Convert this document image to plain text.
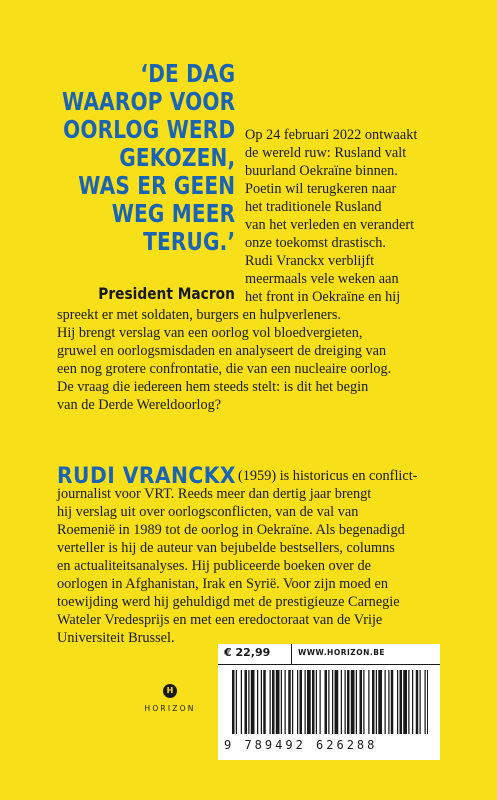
‘DE DAG
WAAROP VOOR
OORLOG WERD
GEKOZEN,
WAS ER GEEN
WEG MEER
TERUG.’

President Macron

Op 24 februari 2022 ontwaakt

de wereld ruw: Rusland valt

buurland Oekraïne binnen.

Poetin wil terugkeren naar

het traditionele Rusland

van het verleden en verandert

onze toekomst drastisch.

Rudi Vranckx verblijft

meermaals vele weken aan

het front in Oekraïne en hij

spreekt er met soldaten, burgers en hulpverleners.

Hij brengt verslag van een oorlog vol bloedvergieten,

gruwel en oorlogsmisdaden en analyseert de dreiging van

een nog grotere confrontatie, die van een nucleaire oorlog.

De vraag die iedereen hem steeds stelt: is dit het begin

van de Derde Wereldoorlog?

RUDI VRANCKX (1959) is historicus en conflict-

journalist voor VRT. Reeds meer dan dertig jaar brengt

hij verslag uit over oorlogsconflicten, van de val van

Roemenië in 1989 tot de oorlog in Oekraïne. Als begenadigd

verteller is hij de auteur van bejubelde bestsellers, columns

en actualiteitsanalyses. Hij publiceerde boeken over de

oorlogen in Afghanistan, Irak en Syrië. Voor zijn moed en

toewijding werd hij gehuldigd met de prestigieuze Carnegie

Wateler Vredesprijs en met een eredoctoraat van de Vrije

Universiteit Brussel.

H
HORIZON
€ 22,99	WWW.HORIZON.BE
9 789492 626288
